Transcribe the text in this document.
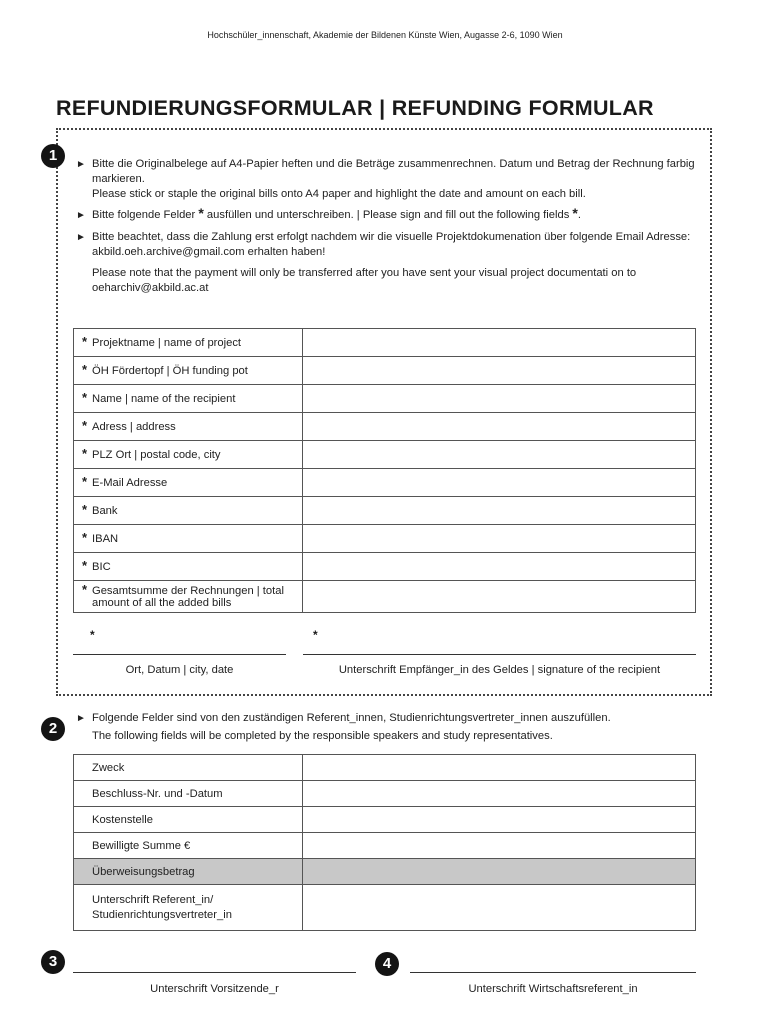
Hochschüler_innenschaft, Akademie der Bildenen Künste Wien, Augasse 2-6, 1090 Wien
REFUNDIERUNGSFORMULAR | REFUNDING FORMULAR
1
► Bitte die Originalbelege auf A4-Papier heften und die Beträge zusammenrechnen. Datum und Betrag der Rechnung farbig markieren.
Please stick or staple the original bills onto A4 paper and highlight the date and amount on each bill.
► Bitte folgende Felder * ausfüllen und unterschreiben. | Please sign and fill out the following fields *.
► Bitte beachtet, dass die Zahlung erst erfolgt nachdem wir die visuelle Projektdokumenation über folgende Email Adresse: akbild.oeh.archive@gmail.com erhalten haben!
Please note that the payment will only be transferred after you have sent your visual project documentati on to oeharchiv@akbild.ac.at
* Projektname | name of project	

* ÖH Fördertopf | ÖH funding pot	

* Name | name of the recipient	

* Adress | address	

* PLZ Ort | postal code, city	

* E-Mail Adresse	

* Bank	

* IBAN	

* BIC	

* Gesamtsumme der Rechnungen | total amount of all the added bills	

*	*
Ort, Datum | city, date	Unterschrift Empfänger_in des Geldes | signature of the recipient
2
► Folgende Felder sind von den zuständigen Referent_innen, Studienrichtungsvertreter_innen auszufüllen.
The following fields will be completed by the responsible speakers and study representatives.
Zweck	
Beschluss-Nr. und -Datum	
Kostenstelle	
Bewilligte Summe €	
Überweisungsbetrag	
Unterschrift Referent_in/ Studienrichtungsvertreter_in	
3
Unterschrift Vorsitzende_r
4
Unterschrift Wirtschaftsreferent_in
